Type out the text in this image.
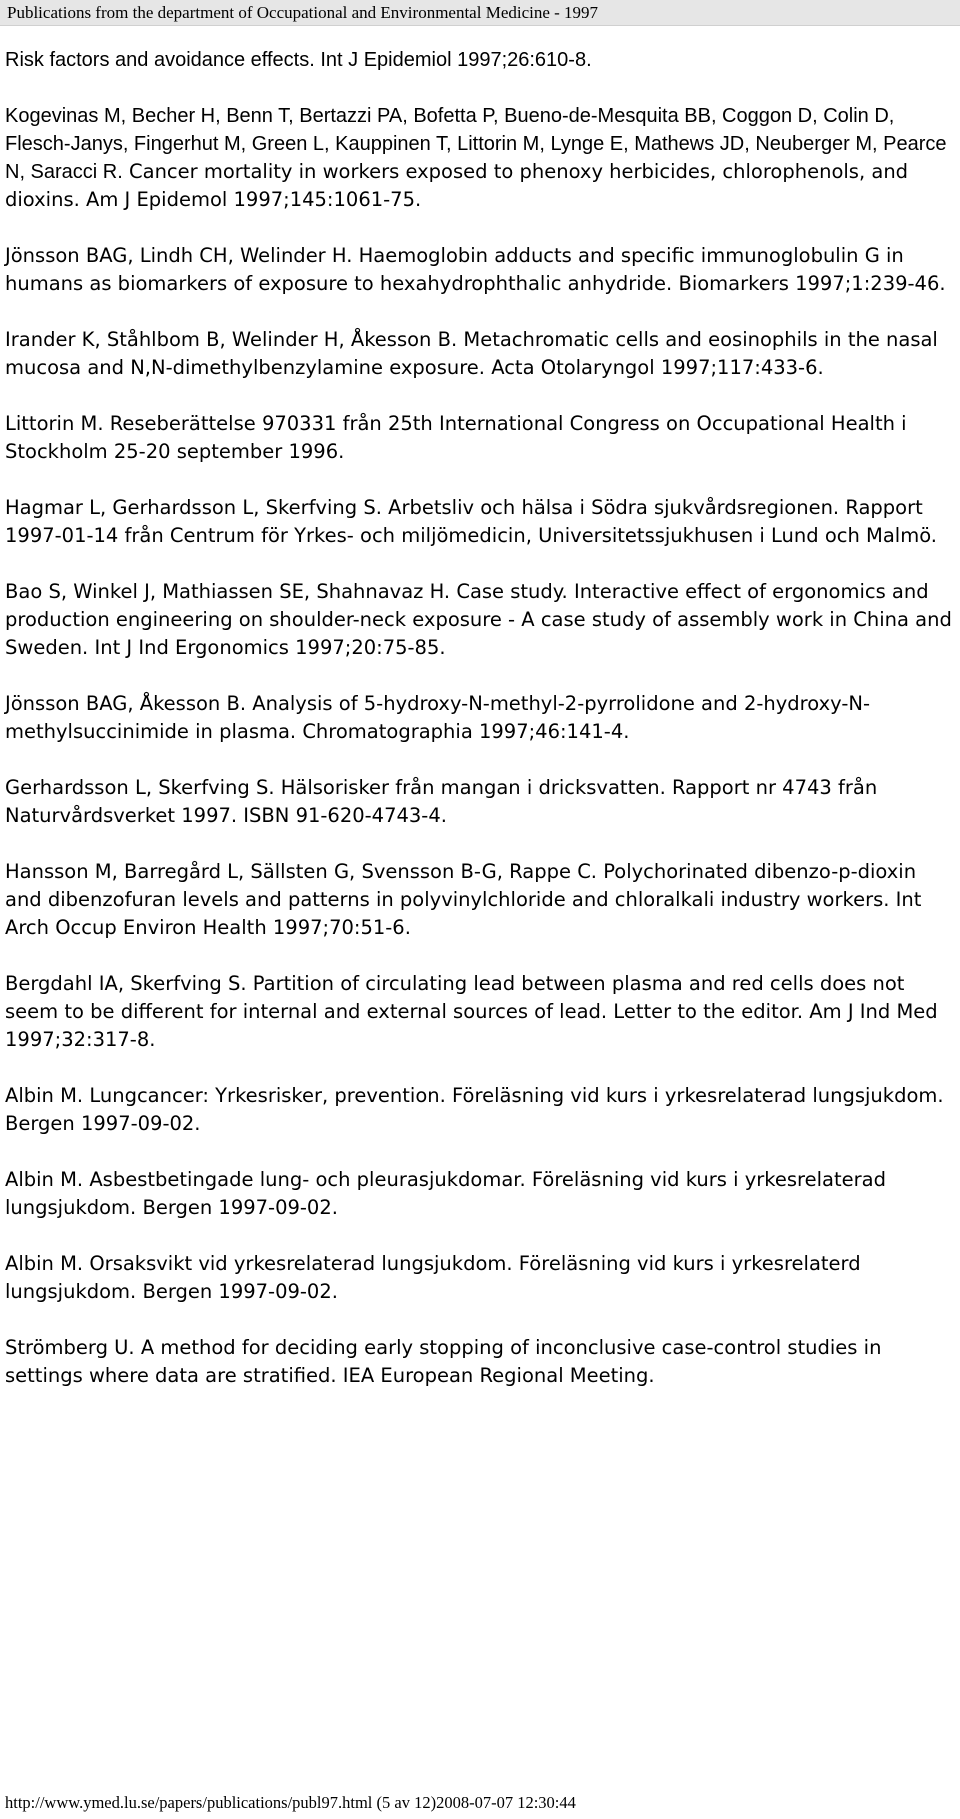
Publications from the department of Occupational and Environmental Medicine - 1997

Risk factors and avoidance effects. Int J Epidemiol 1997;26:610-8.

Kogevinas M, Becher H, Benn T, Bertazzi PA, Bofetta P, Bueno-de-Mesquita BB, Coggon D, Colin D, Flesch-Janys, Fingerhut M, Green L, Kauppinen T, Littorin M, Lynge E, Mathews JD, Neuberger M, Pearce N, Saracci R. Cancer mortality in workers exposed to phenoxy herbicides, chlorophenols, and dioxins. Am J Epidemol 1997;145:1061-75.

Jönsson BAG, Lindh CH, Welinder H. Haemoglobin adducts and specific immunoglobulin G in humans as biomarkers of exposure to hexahydrophthalic anhydride. Biomarkers 1997;1:239-46.

Irander K, Ståhlbom B, Welinder H, Åkesson B. Metachromatic cells and eosinophils in the nasal mucosa and N,N-dimethylbenzylamine exposure. Acta Otolaryngol 1997;117:433-6.

Littorin M. Reseberättelse 970331 från 25th International Congress on Occupational Health i Stockholm 25-20 september 1996.

Hagmar L, Gerhardsson L, Skerfving S. Arbetsliv och hälsa i Södra sjukvårdsregionen. Rapport 1997-01-14 från Centrum för Yrkes- och miljömedicin, Universitetssjukhusen i Lund och Malmö.

Bao S, Winkel J, Mathiassen SE, Shahnavaz H. Case study. Interactive effect of ergonomics and production engineering on shoulder-neck exposure - A case study of assembly work in China and Sweden. Int J Ind Ergonomics 1997;20:75-85.

Jönsson BAG, Åkesson B. Analysis of 5-hydroxy-N-methyl-2-pyrrolidone and 2-hydroxy-N-methylsuccinimide in plasma. Chromatographia 1997;46:141-4.

Gerhardsson L, Skerfving S. Hälsorisker från mangan i dricksvatten. Rapport nr 4743 från Naturvårdsverket 1997. ISBN 91-620-4743-4.

Hansson M, Barregård L, Sällsten G, Svensson B-G, Rappe C. Polychorinated dibenzo-p-dioxin and dibenzofuran levels and patterns in polyvinylchloride and chloralkali industry workers. Int Arch Occup Environ Health 1997;70:51-6.

Bergdahl IA, Skerfving S. Partition of circulating lead between plasma and red cells does not seem to be different for internal and external sources of lead. Letter to the editor. Am J Ind Med 1997;32:317-8.

Albin M. Lungcancer: Yrkesrisker, prevention. Föreläsning vid kurs i yrkesrelaterad lungsjukdom. Bergen 1997-09-02.

Albin M. Asbestbetingade lung- och pleurasjukdomar. Föreläsning vid kurs i yrkesrelaterad lungsjukdom. Bergen 1997-09-02.

Albin M. Orsaksvikt vid yrkesrelaterad lungsjukdom. Föreläsning vid kurs i yrkesrelaterd lungsjukdom. Bergen 1997-09-02.

Strömberg U. A method for deciding early stopping of inconclusive case-control studies in settings where data are stratified. IEA European Regional Meeting.

http://www.ymed.lu.se/papers/publications/publ97.html (5 av 12)2008-07-07 12:30:44
